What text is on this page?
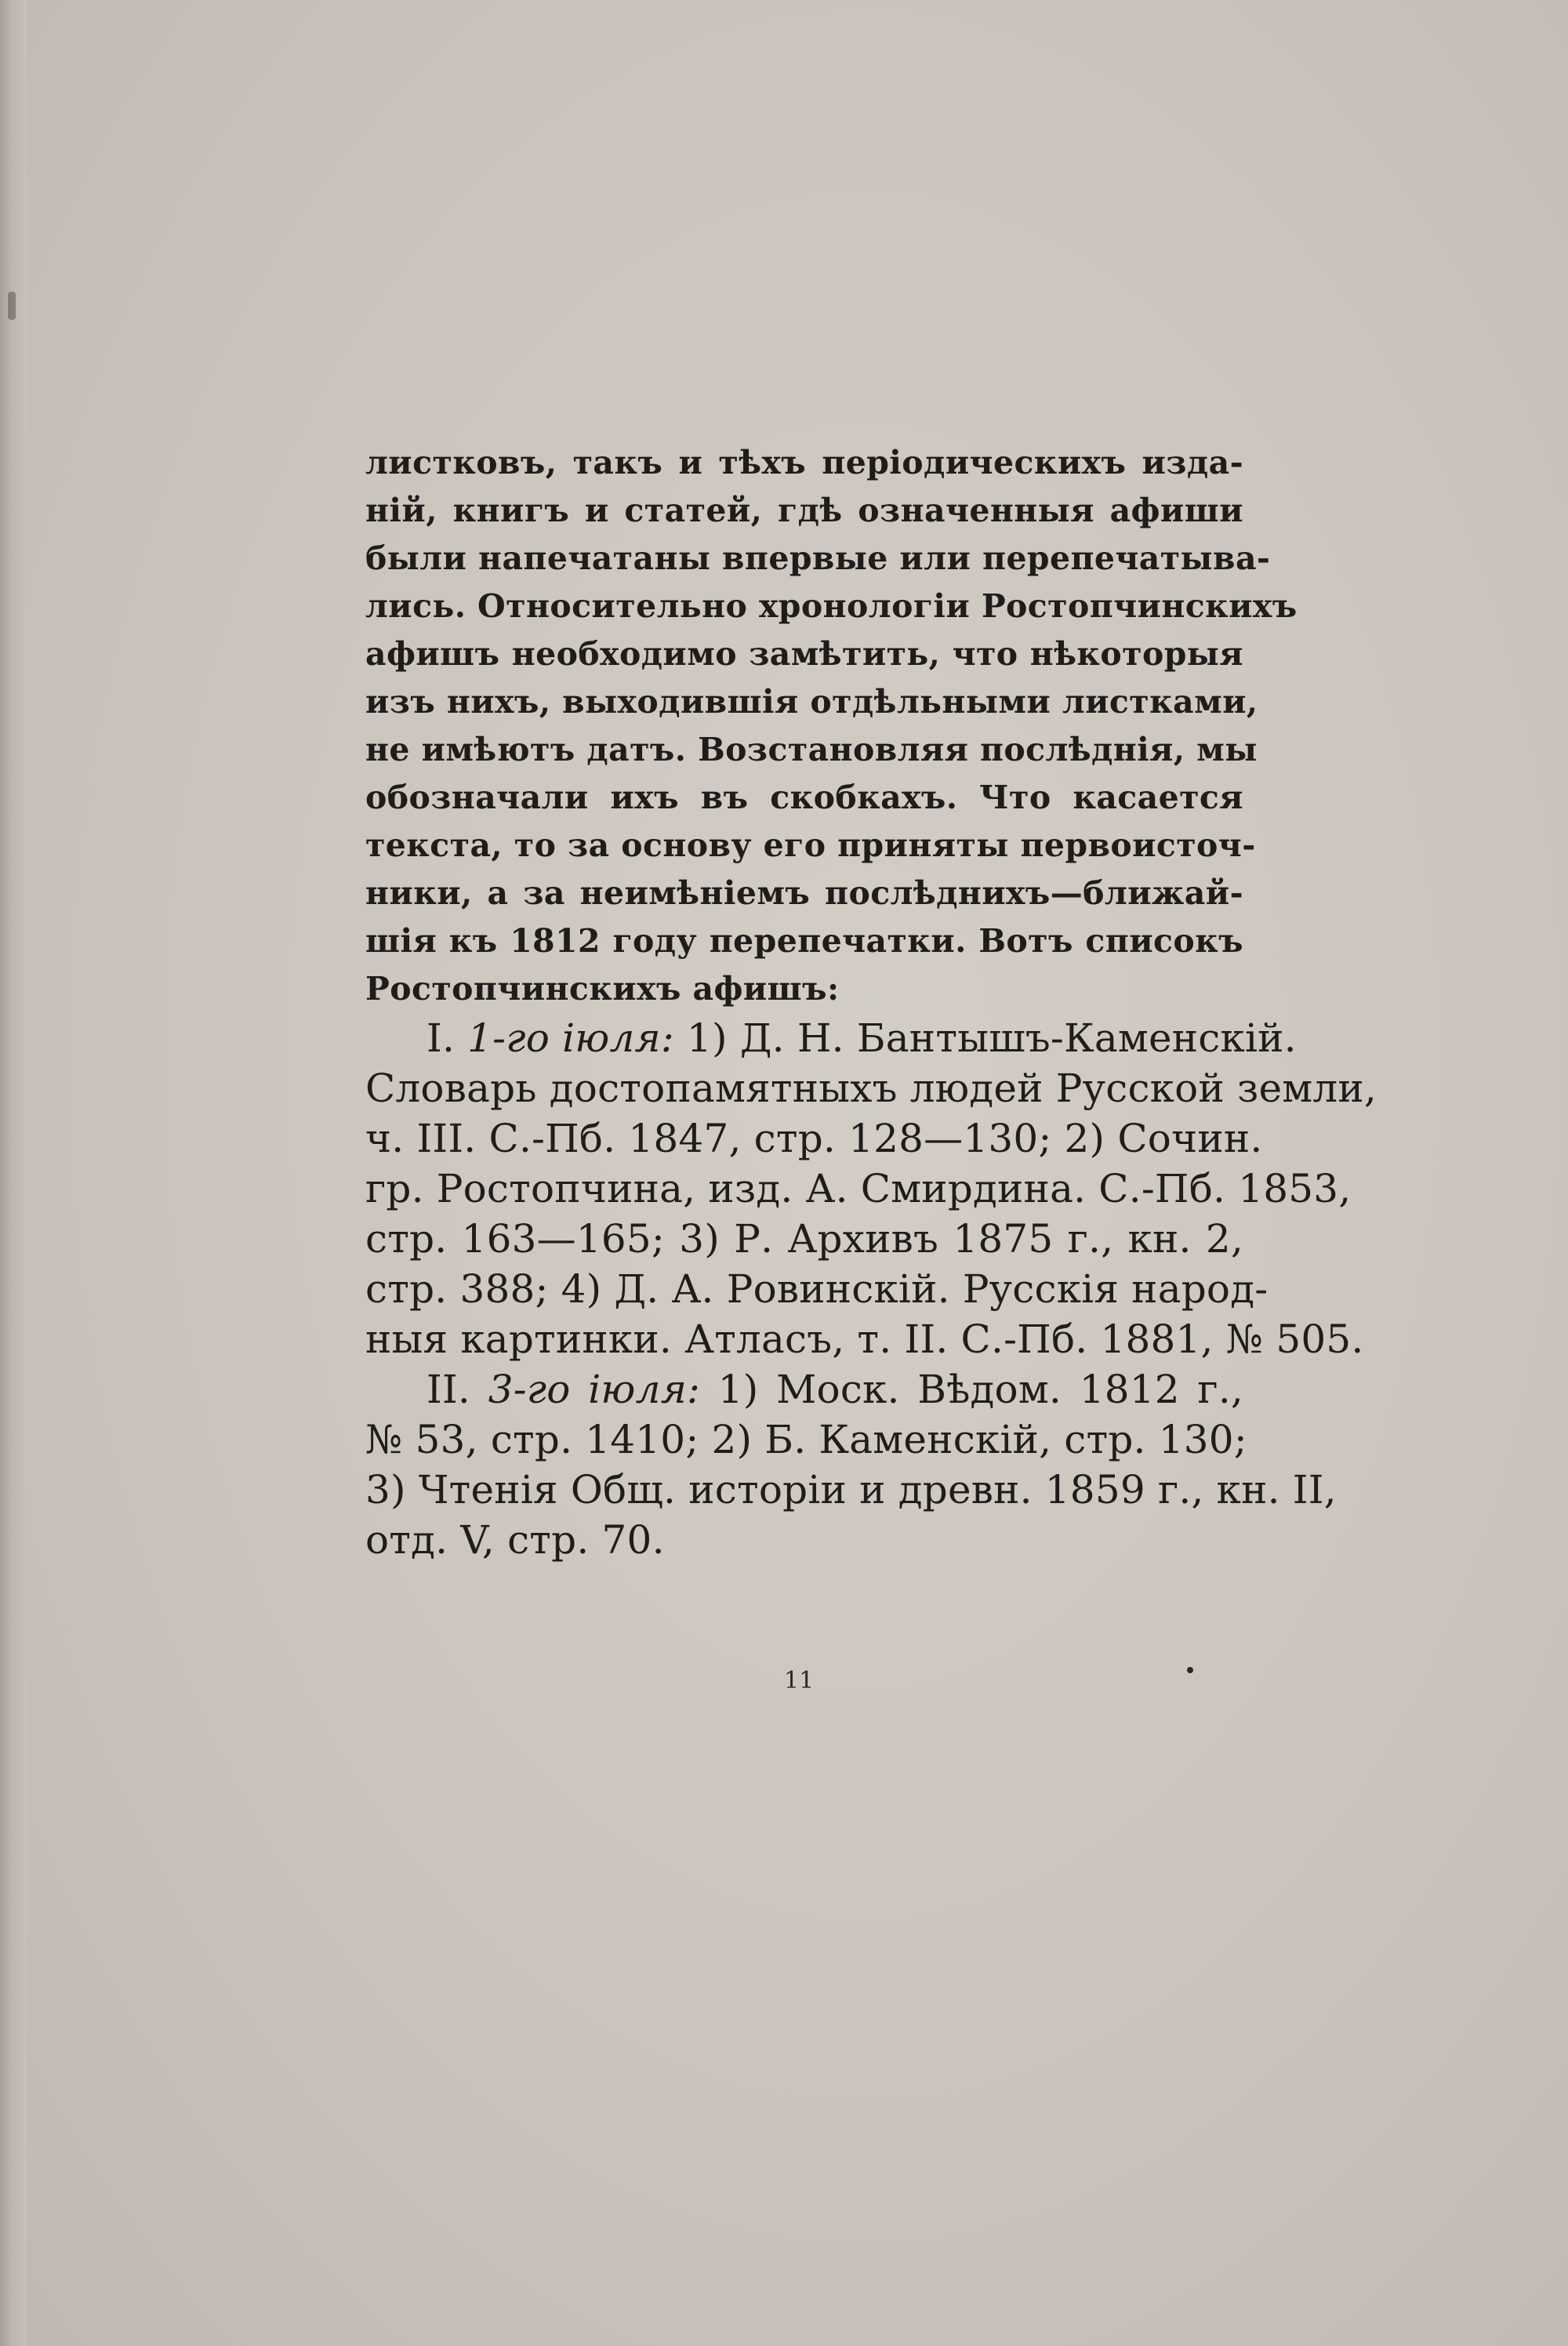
листковъ, такъ и тѣхъ періодическихъ изда-
ній, книгъ и статей, гдѣ означенныя афиши
были напечатаны впервые или перепечатыва-
лись. Относительно хронологіи Ростопчинскихъ
афишъ необходимо замѣтить, что нѣкоторыя
изъ нихъ, выходившія отдѣльными листками,
не имѣютъ датъ. Возстановляя послѣднія, мы
обозначали ихъ въ скобкахъ. Что касается
текста, то за основу его приняты первоисточ-
ники, а за неимѣніемъ послѣднихъ—ближай-
шія къ 1812 году перепечатки. Вотъ списокъ
Ростопчинскихъ афишъ:
I. 1-го іюля: 1) Д. Н. Бантышъ-Каменскій.
Словарь достопамятныхъ людей Русской земли,
ч. III. С.-Пб. 1847, стр. 128—130; 2) Сочин.
гр. Ростопчина, изд. А. Смирдина. С.-Пб. 1853,
стр. 163—165; 3) Р. Архивъ 1875 г., кн. 2,
стр. 388; 4) Д. А. Ровинскій. Русскія народ-
ныя картинки. Атласъ, т. II. С.-Пб. 1881, № 505.
II. 3-го іюля: 1) Моск. Вѣдом. 1812 г.,
№ 53, стр. 1410; 2) Б. Каменскій, стр. 130;
3) Чтенія Общ. исторіи и древн. 1859 г., кн. II,
отд. V, стр. 70.
11
